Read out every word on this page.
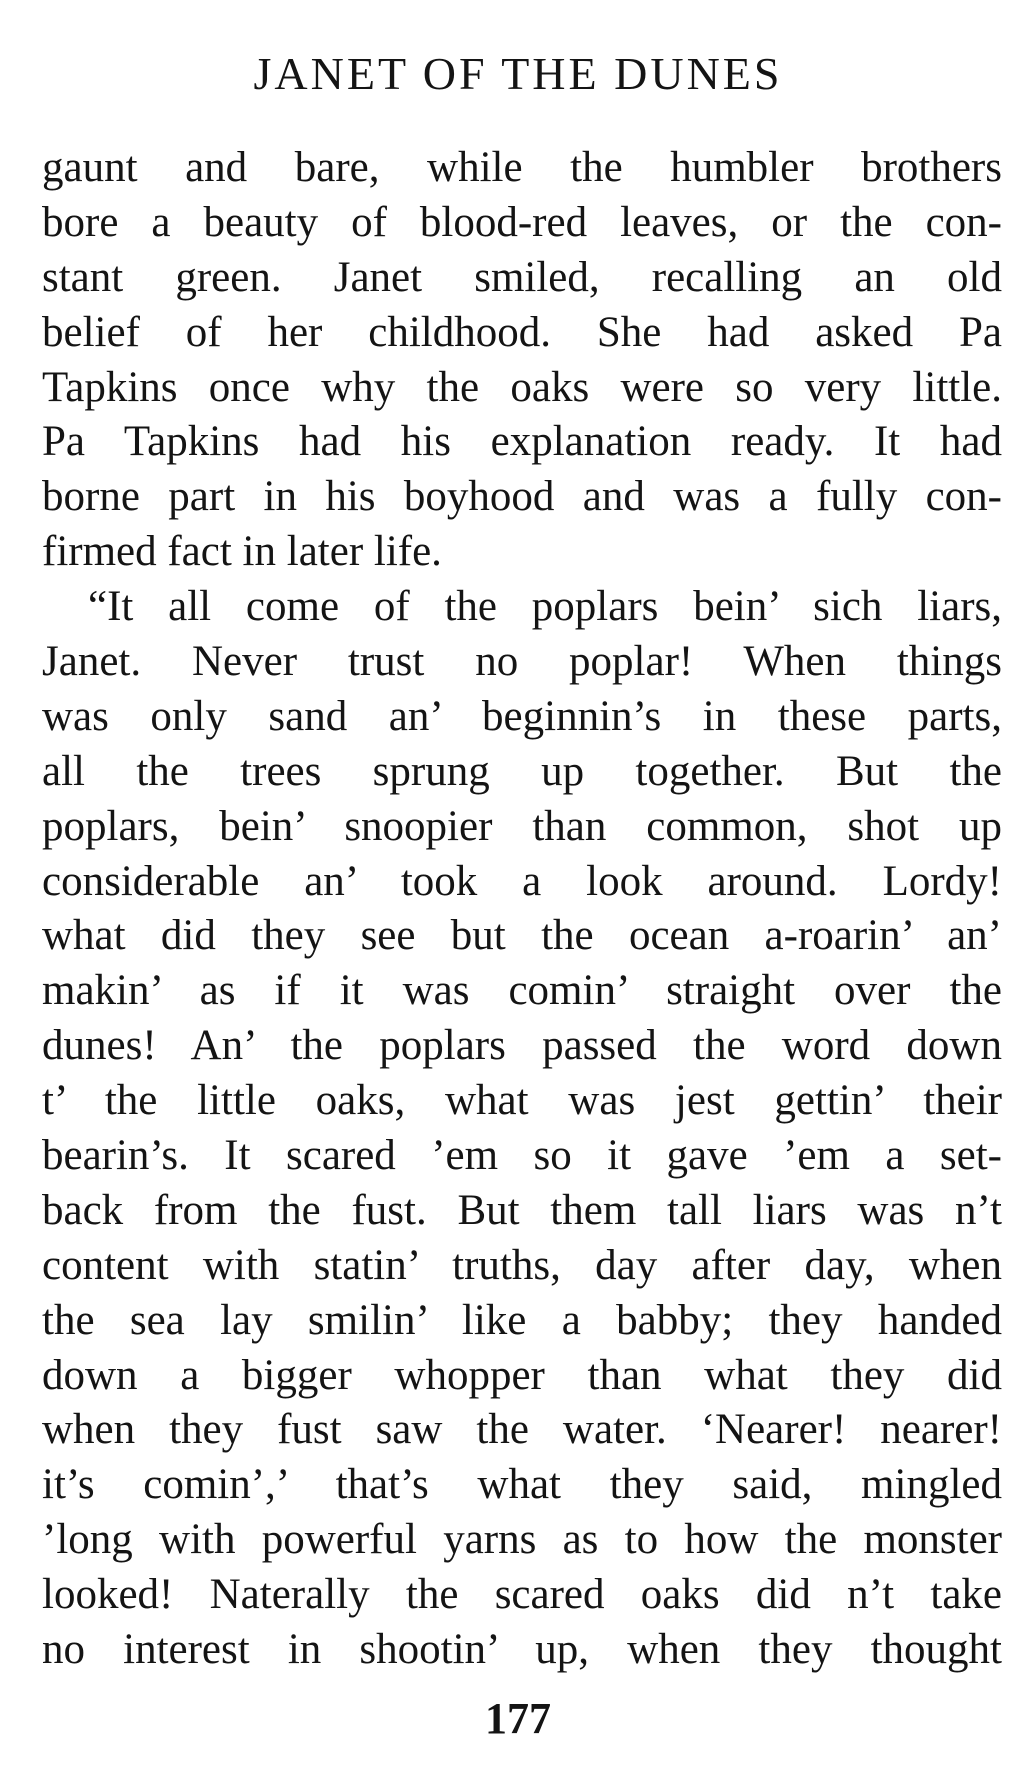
JANET OF THE DUNES
gaunt and bare, while the humbler brothers
bore a beauty of blood-red leaves, or the con-
stant green. Janet smiled, recalling an old
belief of her childhood. She had asked Pa
Tapkins once why the oaks were so very little.
Pa Tapkins had his explanation ready. It had
borne part in his boyhood and was a fully con-
firmed fact in later life.
“It all come of the poplars bein’ sich liars,
Janet. Never trust no poplar! When things
was only sand an’ beginnin’s in these parts,
all the trees sprung up together. But the
poplars, bein’ snoopier than common, shot up
considerable an’ took a look around. Lordy!
what did they see but the ocean a-roarin’ an’
makin’ as if it was comin’ straight over the
dunes! An’ the poplars passed the word down
t’ the little oaks, what was jest gettin’ their
bearin’s. It scared ’em so it gave ’em a set-
back from the fust. But them tall liars was n’t
content with statin’ truths, day after day, when
the sea lay smilin’ like a babby; they handed
down a bigger whopper than what they did
when they fust saw the water. ‘Nearer! nearer!
it’s comin’,’ that’s what they said, mingled
’long with powerful yarns as to how the monster
looked! Naterally the scared oaks did n’t take
no interest in shootin’ up, when they thought
177
